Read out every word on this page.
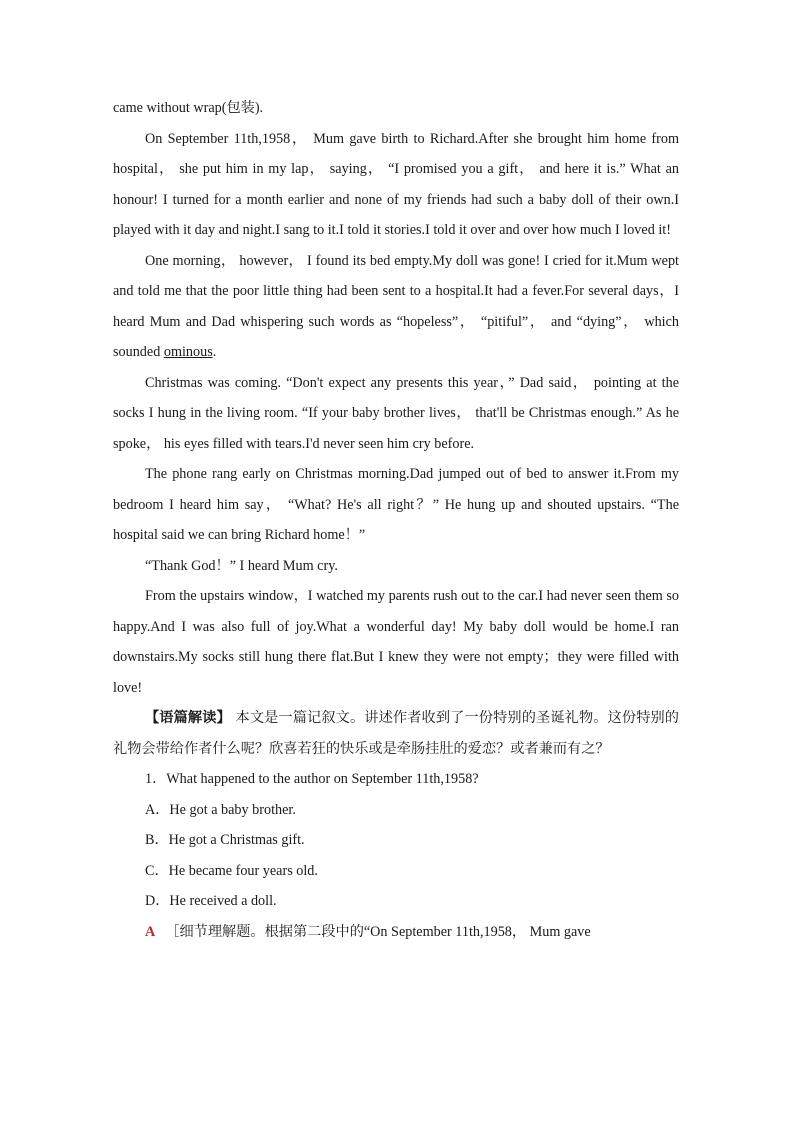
came without wrap(包装).

On September 11th,1958， Mum gave birth to Richard.After she brought him home from hospital， she put him in my lap， saying， “I promised you a gift， and here it is.” What an honour! I turned for a month earlier and none of my friends had such a baby doll of their own.I played with it day and night.I sang to it.I told it stories.I told it over and over how much I loved it!

One morning， however， I found its bed empty.My doll was gone! I cried for it.Mum wept and told me that the poor little thing had been sent to a hospital.It had a fever.For several days，I heard Mum and Dad whispering such words as “hopeless”， “pitiful”， and “dying”， which sounded ominous.

Christmas was coming. “Don't expect any presents this year，” Dad said， pointing at the socks I hung in the living room. “If your baby brother lives， that'll be Christmas enough.” As he spoke， his eyes filled with tears.I'd never seen him cry before.

The phone rang early on Christmas morning.Dad jumped out of bed to answer it.From my bedroom I heard him say， “What? He's all right？” He hung up and shouted upstairs. “The hospital said we can bring Richard home！”

“Thank God！” I heard Mum cry.

From the upstairs window，I watched my parents rush out to the car.I had never seen them so happy.And I was also full of joy.What a wonderful day! My baby doll would be home.I ran downstairs.My socks still hung there flat.But I knew they were not empty；they were filled with love!

【语篇解读】 本文是一篇记叙文。讲述作者收到了一份特别的圣诞礼物。这份特别的礼物会带给作者什么呢？欣喜若狂的快乐或是牵肠挂肚的爱恋？或者兼而有之？

1．What happened to the author on September 11th,1958?

A．He got a baby brother.

B．He got a Christmas gift.

C．He became four years old.

D．He received a doll.

A ［细节理解题。根据第二段中的“On September 11th,1958， Mum gave
